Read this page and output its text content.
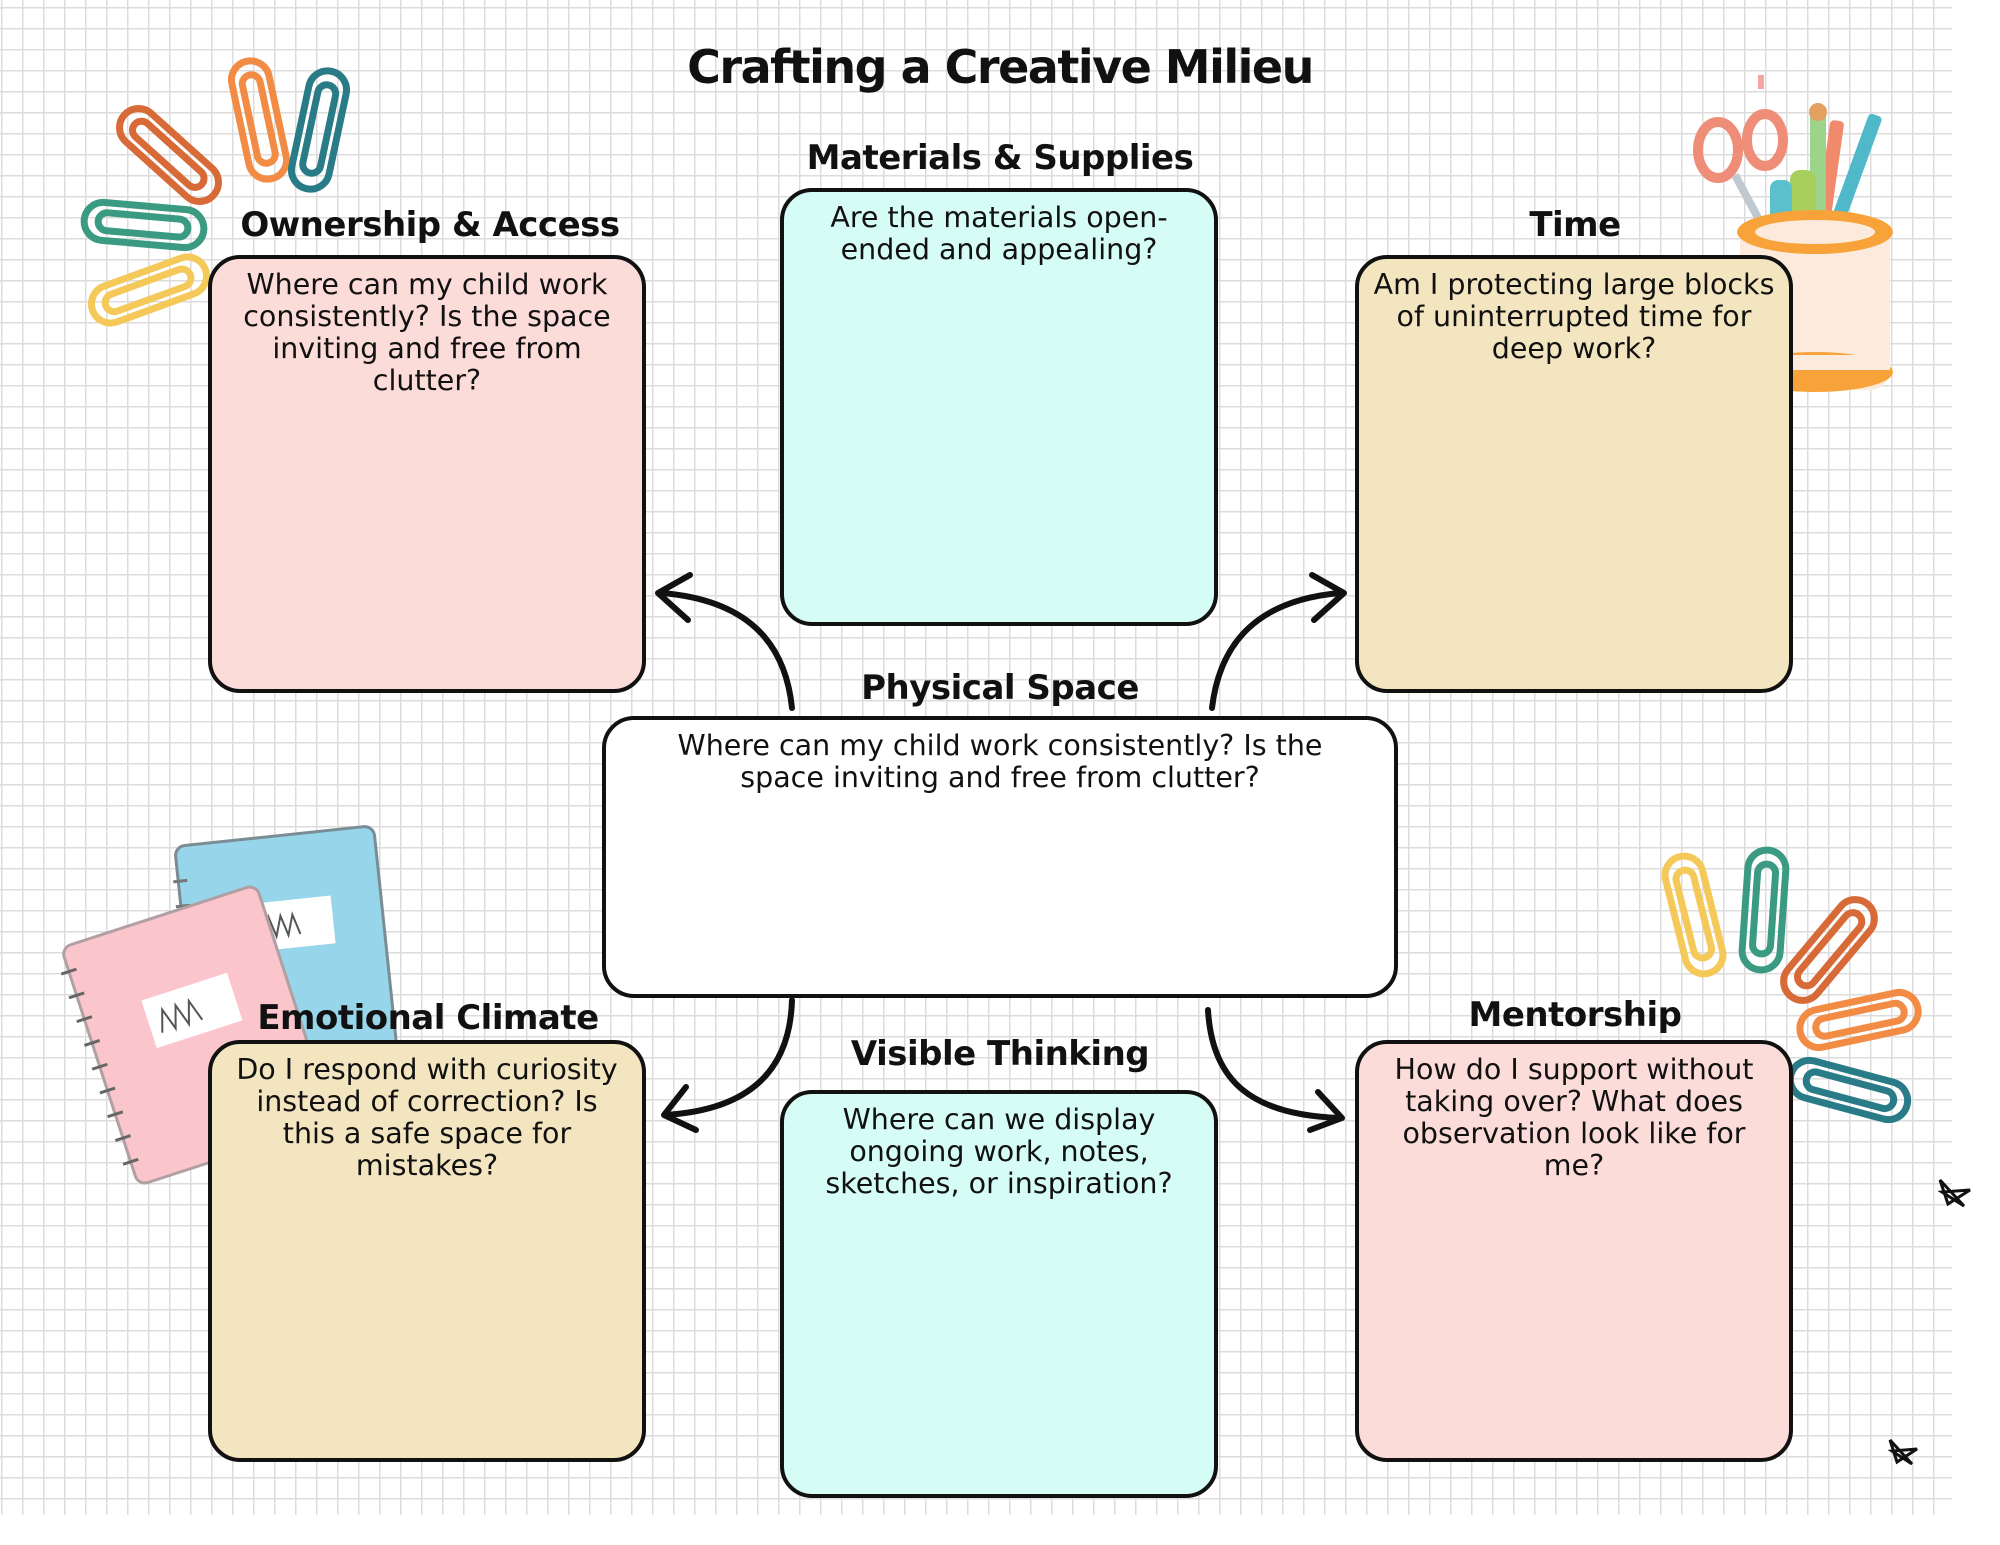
Crafting a Creative Milieu
Ownership & Access
Where can my child work consistently? Is the space inviting and free from clutter?
Materials & Supplies
Are the materials open-ended and appealing?
Time
Am I protecting large blocks of uninterrupted time for deep work?
Physical Space
Where can my child work consistently? Is the space inviting and free from clutter?
Emotional Climate
Do I respond with curiosity instead of correction? Is this a safe space for mistakes?
Visible Thinking
Where can we display ongoing work, notes, sketches, or inspiration?
Mentorship
How do I support without taking over? What does observation look like for me?
